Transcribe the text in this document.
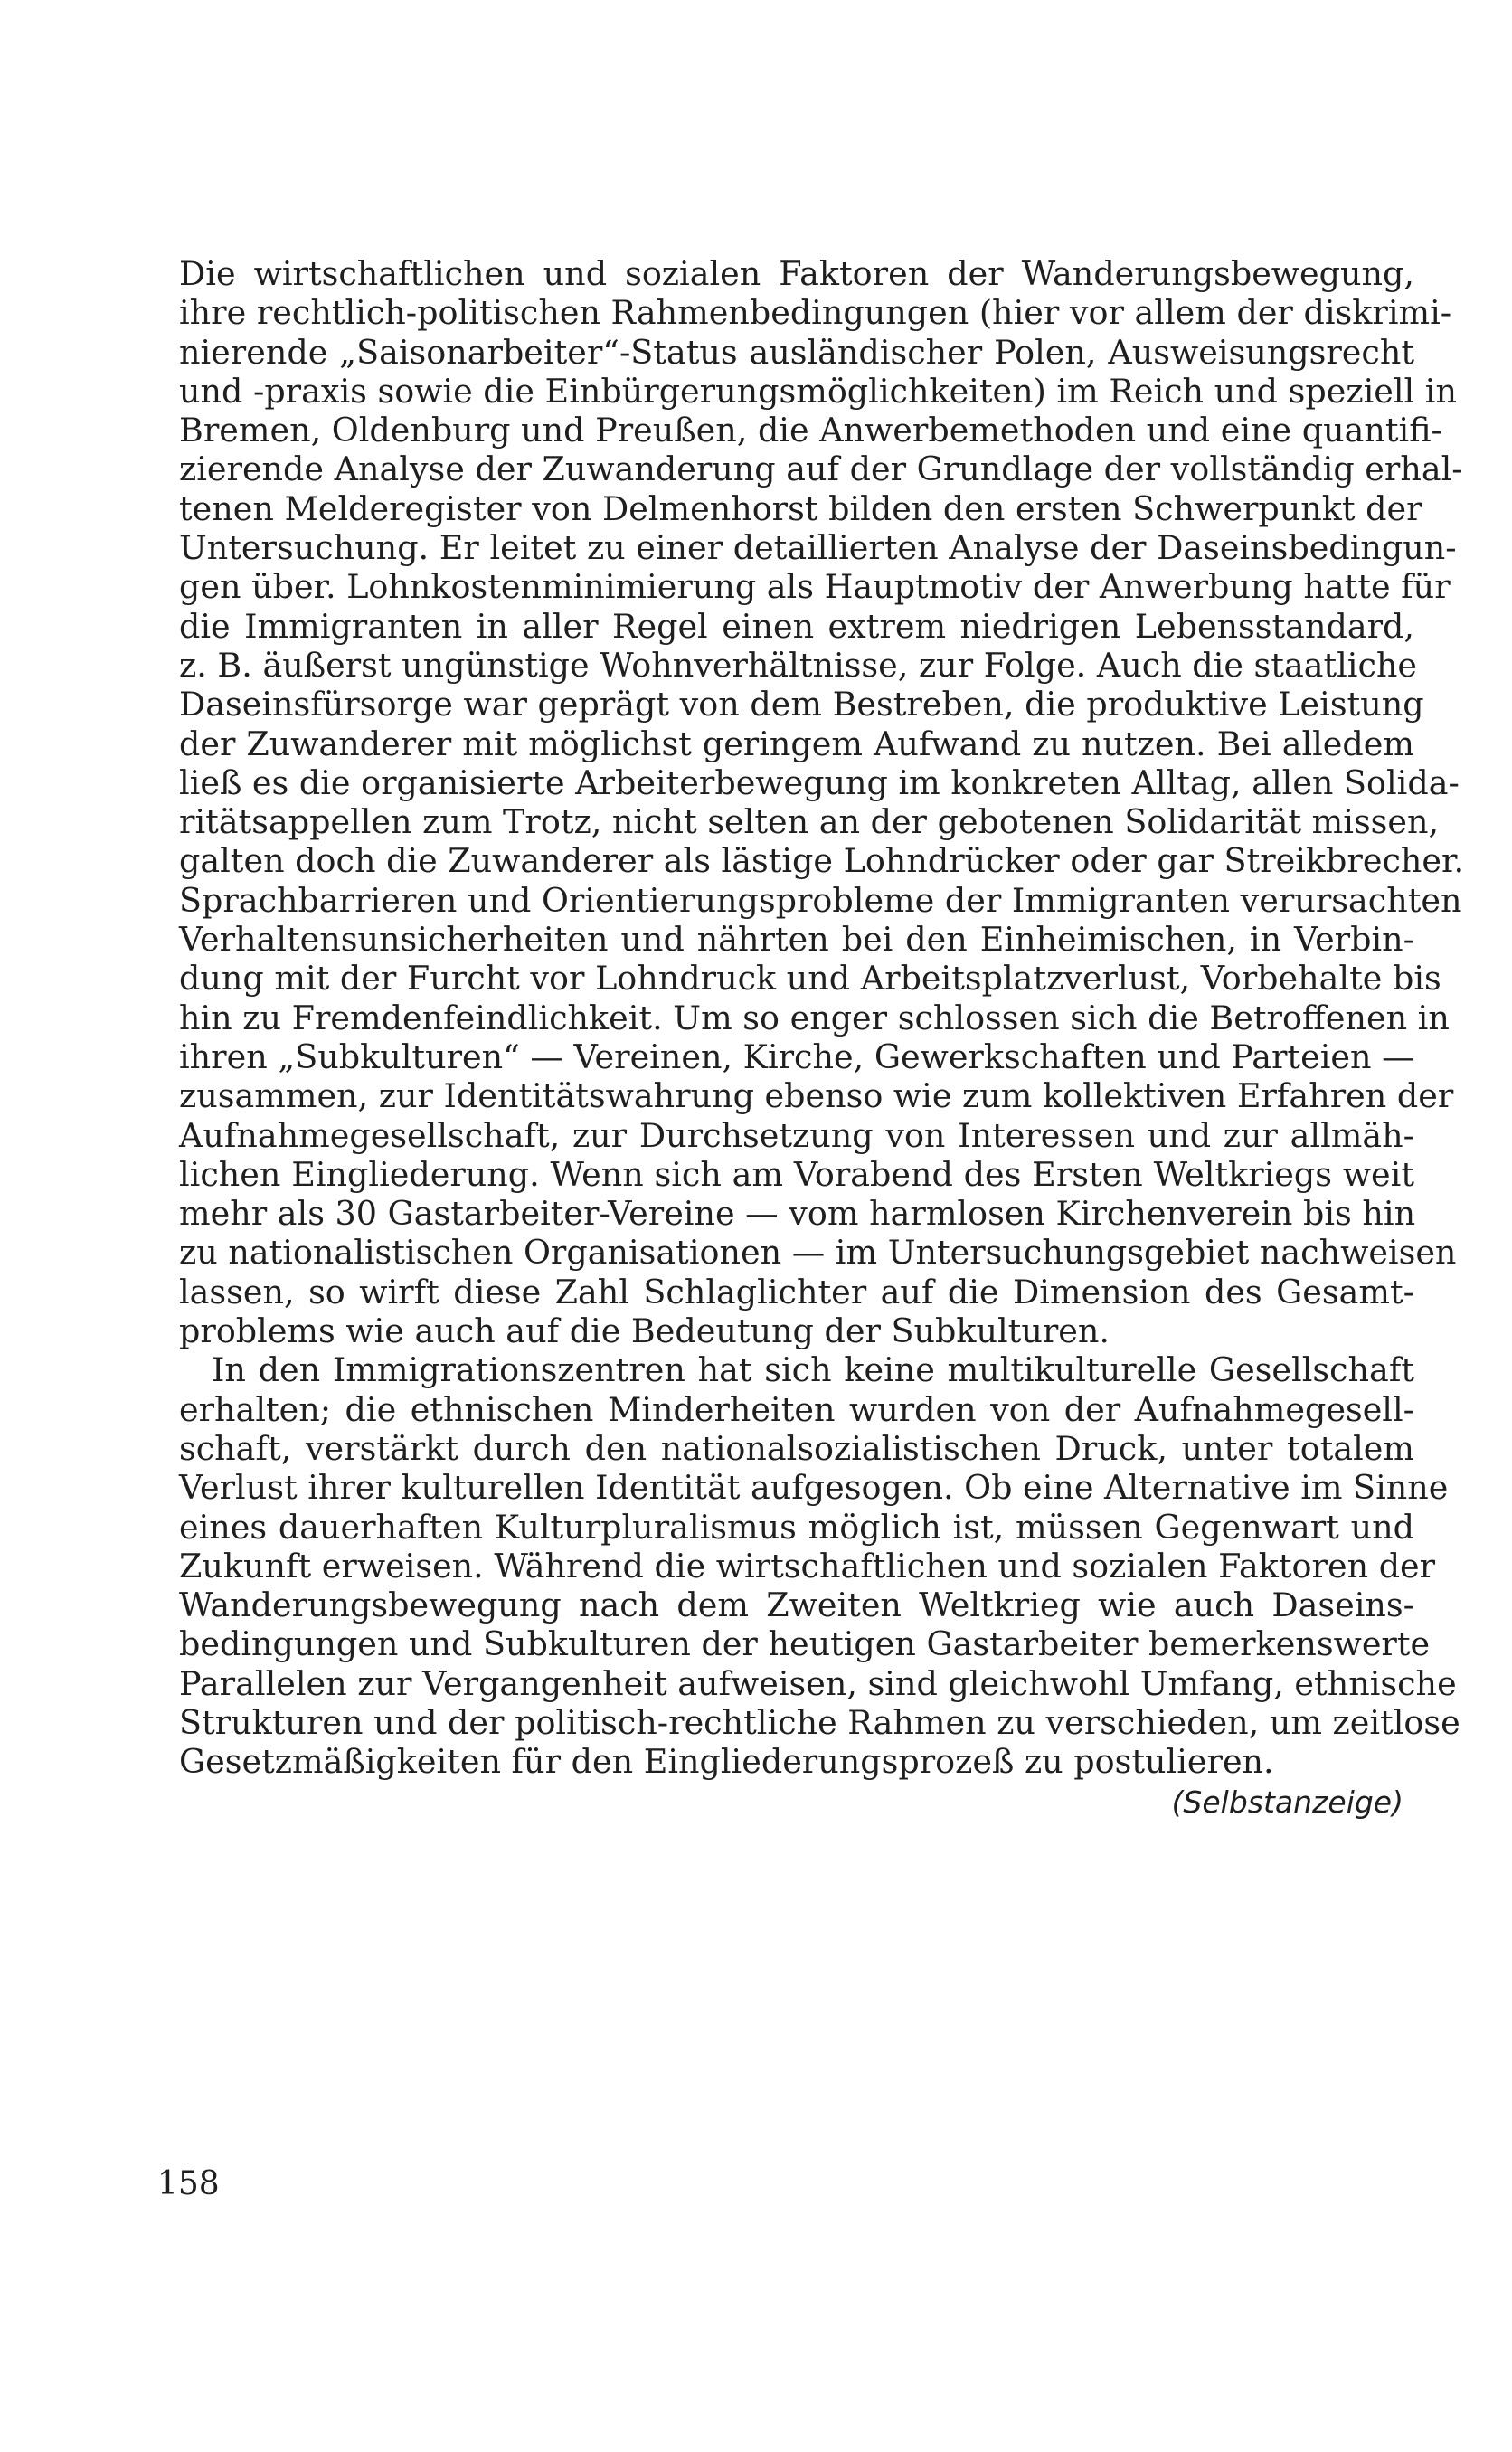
Die wirtschaftlichen und sozialen Faktoren der Wanderungsbewegung,
ihre rechtlich-politischen Rahmenbedingungen (hier vor allem der diskrimi-
nierende „Saisonarbeiter“-Status ausländischer Polen, Ausweisungsrecht
und -praxis sowie die Einbürgerungsmöglichkeiten) im Reich und speziell in
Bremen, Oldenburg und Preußen, die Anwerbemethoden und eine quantifi-
zierende Analyse der Zuwanderung auf der Grundlage der vollständig erhal-
tenen Melderegister von Delmenhorst bilden den ersten Schwerpunkt der
Untersuchung. Er leitet zu einer detaillierten Analyse der Daseinsbedingun-
gen über. Lohnkostenminimierung als Hauptmotiv der Anwerbung hatte für
die Immigranten in aller Regel einen extrem niedrigen Lebensstandard,
z. B. äußerst ungünstige Wohnverhältnisse, zur Folge. Auch die staatliche
Daseinsfürsorge war geprägt von dem Bestreben, die produktive Leistung
der Zuwanderer mit möglichst geringem Aufwand zu nutzen. Bei alledem
ließ es die organisierte Arbeiterbewegung im konkreten Alltag, allen Solida-
ritätsappellen zum Trotz, nicht selten an der gebotenen Solidarität missen,
galten doch die Zuwanderer als lästige Lohndrücker oder gar Streikbrecher.
Sprachbarrieren und Orientierungsprobleme der Immigranten verursachten
Verhaltensunsicherheiten und nährten bei den Einheimischen, in Verbin-
dung mit der Furcht vor Lohndruck und Arbeitsplatzverlust, Vorbehalte bis
hin zu Fremdenfeindlichkeit. Um so enger schlossen sich die Betroffenen in
ihren „Subkulturen“ — Vereinen, Kirche, Gewerkschaften und Parteien —
zusammen, zur Identitätswahrung ebenso wie zum kollektiven Erfahren der
Aufnahmegesellschaft, zur Durchsetzung von Interessen und zur allmäh-
lichen Eingliederung. Wenn sich am Vorabend des Ersten Weltkriegs weit
mehr als 30 Gastarbeiter-Vereine — vom harmlosen Kirchenverein bis hin
zu nationalistischen Organisationen — im Untersuchungsgebiet nachweisen
lassen, so wirft diese Zahl Schlaglichter auf die Dimension des Gesamt-
problems wie auch auf die Bedeutung der Subkulturen.
In den Immigrationszentren hat sich keine multikulturelle Gesellschaft
erhalten; die ethnischen Minderheiten wurden von der Aufnahmegesell-
schaft, verstärkt durch den nationalsozialistischen Druck, unter totalem
Verlust ihrer kulturellen Identität aufgesogen. Ob eine Alternative im Sinne
eines dauerhaften Kulturpluralismus möglich ist, müssen Gegenwart und
Zukunft erweisen. Während die wirtschaftlichen und sozialen Faktoren der
Wanderungsbewegung nach dem Zweiten Weltkrieg wie auch Daseins-
bedingungen und Subkulturen der heutigen Gastarbeiter bemerkenswerte
Parallelen zur Vergangenheit aufweisen, sind gleichwohl Umfang, ethnische
Strukturen und der politisch-rechtliche Rahmen zu verschieden, um zeitlose
Gesetzmäßigkeiten für den Eingliederungsprozeß zu postulieren.
(Selbstanzeige)
158
